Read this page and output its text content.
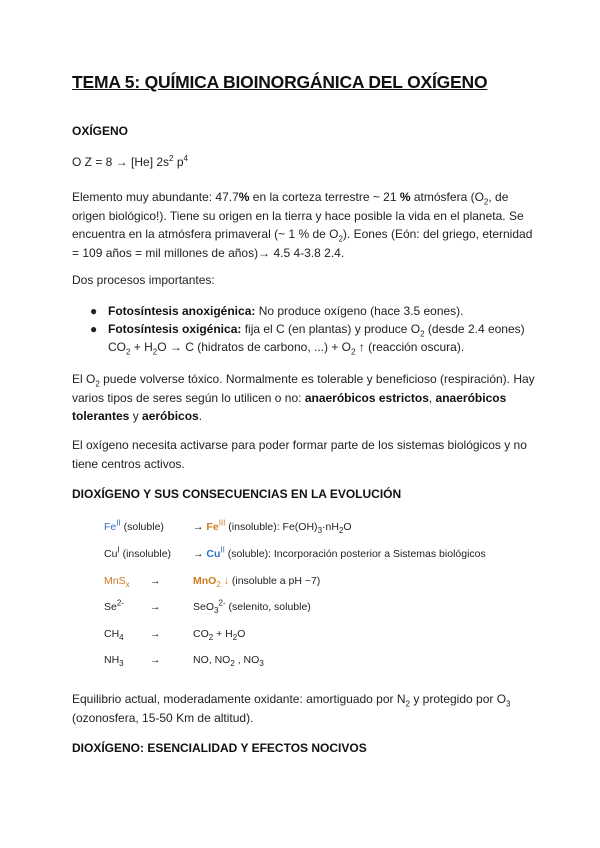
TEMA 5: QUÍMICA BIOINORGÁNICA DEL OXÍGENO
OXÍGENO
O Z = 8 → [He] $2s^2$ $p^4$
Elemento muy abundante: 47.7% en la corteza terrestre ~ 21 % atmósfera ($O_2$, de origen biológico!). Tiene su origen en la tierra y hace posible la vida en el planeta. Se encuentra en la atmósfera primaveral (~ 1 % de $O_2$). Eones (Eón: del griego, eternidad = 109 años = mil millones de años)→ 4.5 4-3.8 2.4.
Dos procesos importantes:
● Fotosíntesis anoxigénica: No produce oxígeno (hace 3.5 eones).
● Fotosíntesis oxigénica: fija el C (en plantas) y produce $O_2$ (desde 2.4 eones) $CO_2 + H_2O \to C$ (hidratos de carbono, ...) + $O_2$ ↑ (reacción oscura).
El $O_2$ puede volverse tóxico. Normalmente es tolerable y beneficioso (respiración). Hay varios tipos de seres según lo utilicen o no: anaeróbicos estrictos, anaeróbicos tolerantes y aeróbicos.
El oxígeno necesita activarse para poder formar parte de los sistemas biológicos y no tiene centros activos.
DIOXÍGENO Y SUS CONSECUENCIAS EN LA EVOLUCIÓN
$Fe^{II}$ (soluble)	→ $Fe^{III}$ (insoluble): $Fe(OH)_3\cdot nH_2O$
$Cu^I$ (insoluble) → $Cu^{II}$ (soluble): Incorporación posterior a Sistemas biológicos
MnS$_x$ →	MnO$_2$ ↓ (insoluble a pH ~7)
$Se^{2-}$ →	SeO$_3^{2-}$ (selenito, soluble)
$CH_4$	→	$CO_2 + H_2O$
$NH_3$	→	NO, $NO_2$ , $NO_3$
Equilibrio actual, moderadamente oxidante: amortiguado por $N_2$ y protegido por $O_3$ (ozonosfera, 15-50 Km de altitud).
DIOXÍGENO: ESENCIALIDAD Y EFECTOS NOCIVOS
